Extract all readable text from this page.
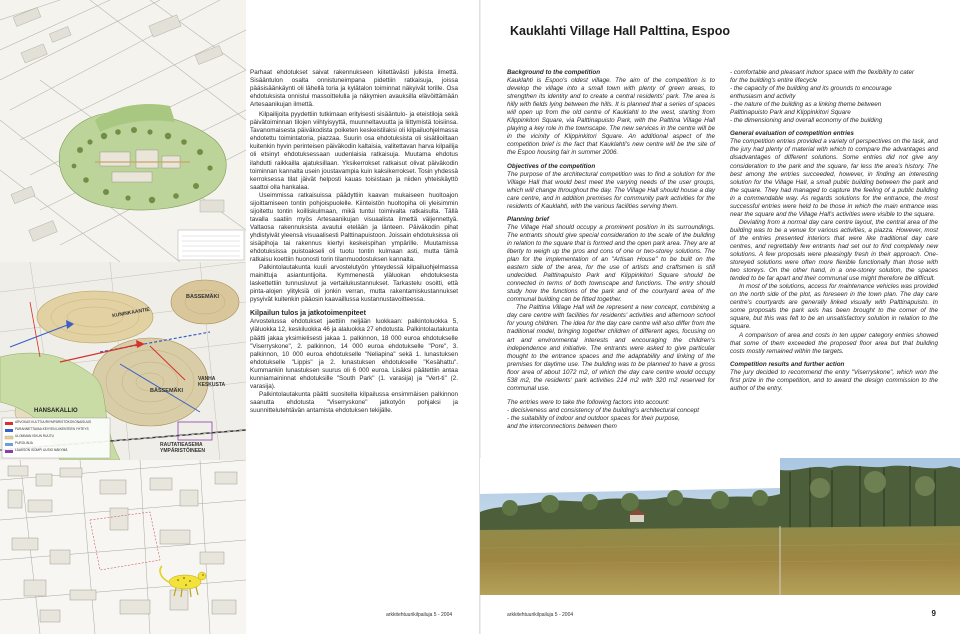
BASSEMÄKI
KUNINKAANTIE
VANHA KESKUSTA
BÄSSEMÄKI
HANSAKALLIO
RAUTATIEASEMA YMPÄRISTÖINEEN
ARVOKAS KULTTUURIYMPÄRISTÖKOKONAISUUS
PARANNETTAVAA KEVYEN LIIKENTEEN YHTEYS
ULOMMAN ISKUN RUUTU
PUROLINJA
LAAKSON ISOMPI UUSIO NÄKYMÄ

Parhaat ehdotukset saivat rakennukseen kiitettävästi julkista ilmettä. Sisääntulon osalta onnistuneimpana pidettiin ratkaisuja, joissa pääsisäänkäynti oli lähellä toria ja kylätalon toiminnat näkyivät torille. Osa ehdotuksista onnistui massoittelulla ja näkymien avauksilla elävöittämään Artesaanikujan ilmettä.

Kilpailijoita pyydettiin tutkimaan erityisesti sisääntulo- ja eteistiloja sekä päivätoiminnan tilojen viihtyisyyttä, muunneltavuutta ja liittymistä toisiinsa. Tavanomaisesta päiväkodista poiketen keskeistilaksi oli kilpailuohjelmassa ehdotettu toimintatoria, piazzaa. Suurin osa ehdotuksista oli sisätiloiltaan kuitenkin hyvin perinteisen päiväkodin kaltaisia, valitettavan harva kilpailija oli etsinyt ehdotuksessaan uudenlaisia ratkaisuja. Muutama ehdotus ilahdutti raikkailla ajatuksillaan. Yksikerrokset ratkaisut olivat päiväkodin toiminnan kannalta usein joustavampia kuin kaksikerrokset. Tosin yhdessä kerroksessa tilat jäivät helposti kauas toisistaan ja niiden yhteiskäyttö saattoi olla hankalaa.

Useimmissa ratkaisuissa päädyttiin kaavan mukaiseen huoltoajon sijoittamiseen tontin pohjoispuolelle. Kiinteistön huoltopiha oli yleisimmin sijoitettu tontin koilliskulmaan, mikä tuntui toimivalta ratkaisulta. Tällä tavalla saatiin myös Artesaanikujan visuaalista ilmettä väljennettyä. Valtaosa rakennuksista avautui etelään ja länteen. Päiväkodin pihat yhdistyivät yleensä visuaalisesti Palttinapuistoon. Joissain ehdotuksissa oli sisäpihoja tai rakennus kiertyi keskeispihan ympärille. Muutamissa ehdotuksissa puistoakseli oli tuotu tontin kulmaan asti, mutta tämä ratkaisu koettiin huonosti torin tilanmuodostuksen kannalta.

Palkintolautakunta kuuli arvostelutyön yhteydessä kilpailuohjelmassa mainittuja asiantuntijoita. Kymmenestä yläluokan ehdotuksesta laskettettiin tunnusluvut ja vertailukustannukset. Tarkastelu osoitti, että pinta-alojen ylityksiä oli jonkin verran, mutta rakentamiskustannukset pysyivät kuitenkin pääosin kaavaillussa kustannustavoitteessa.

Kilpailun tulos ja jatkotoimenpiteet

Arvostelussa ehdotukset jaettiin neljään luokkaan: palkintoluokka 5, yläluokka 12, keskiluokka 46 ja alaluokka 27 ehdotusta. Palkintolautakunta päätti jakaa yksimielisesti jakaa 1. palkinnon, 18 000 euroa ehdotukselle "Viserryskone", 2. palkinnon, 14 000 euroa ehdotukselle "Pore", 3. palkinnon, 10 000 euroa ehdotukselle "Neliapina" sekä 1. lunastuksen ehdotukselle "Lippis" ja 2. lunastuksen ehdotukselle "Kesähattu". Kummankin lunastuksen suurus oli 6 000 euroa. Lisäksi päätettiin antaa kunniamaininnat ehdotuksille "South Park" (1. varasija) ja "Vert-ti" (2. varasija).

Palkintolautakunta päätti suositella kilpailussa ensimmäisen palkinnon saanutta ehdotusta "Viserryskone" jatkotyön pohjaksi ja suunnittelutehtävän antamista ehdotuksen tekijälle.

arkkitehtuurikilpailuja 5 - 2004
Kauklahti Village Hall Palttina, Espoo

Background to the competition

Kauklahti is Espoo's oldest village. The aim of the competition is to develop the village into a small town with plenty of green areas, to strengthen its identity and to create a central residents' park. The area is hilly with fields lying between the hills. It is planned that a series of spaces will open up from the old centre of Kauklahti to the west, starting from Klippinkitori Square, via Palttinapuisto Park, with the Palttina Village Hall playing a key role in the townscape. The new services in the centre will be in the vicinity of Klippinkitori Square. An additional aspect of the competition brief is the fact that Kauklahti's new centre will be the site of the Espoo housing fair in summer 2006.

Objectives of the competition

The purpose of the architectural competition was to find a solution for the Village Hall that would best meet the varying needs of the user groups, which will change throughout the day. The Village Hall should house a day care centre, and in addition premises for community park activities for the residents of Kauklahti, with the various facilities serving them.

Planning brief

The Village Hall should occupy a prominent position in its surroundings. The entrants should give special consideration to the scale of the building in relation to the square that is formed and the open park area. They are at liberty to weigh up the pros and cons of one or two-storey solutions. The plan for the implementation of an "Artisan House" to be built on the eastern side of the area, for the use of artists and craftsmen is still undecided. Palttinapuisto Park and Klippinkitori Square should be connected in terms of both townscape and functions. The entry should study how the functions of the park and of the courtyard area of the communal building can be fitted together.

The Palttina Village Hall will be represent a new concept, combining a day care centre with facilities for residents' activities and afternoon school for young children. The idea for the day care centre will also differ from the traditional model, bringing together children of different ages, focusing on art and environmental interests and encouraging the children's independence and initiative. The entrants were asked to give particular thought to the entrance spaces and the adaptability and linking of the premises for daytime use. The building was to be planned to have a gross floor area of about 1072 m2, of which the day care centre would occupy 538 m2, the residents' park activities 214 m2 with 320 m2 reserved for communal use.

The entries were to take the following factors into account:

- decisiveness and consistency of the building's architectural concept

- the suitability of indoor and outdoor spaces for their purpose,

and the interconnections between them

- comfortable and pleasant indoor space with the flexibility to cater

for the building's entire lifecycle

- the capacity of the building and its grounds to encourage

enthusiasm and activity

- the nature of the building as a linking theme between

Palttinapuisto Park and Klippinkitori Square

- the dimensioning and overall economy of the building

General evaluation of competition entries

The competition entries provided a variety of perspectives on the task, and the jury had plenty of material with which to compare the advantages and disadvantages of different solutions. Some entries did not give any consideration to the park and the square, far less the area's history. The best among the entries succeeded, however, in finding an interesting solution for the Village Hall, a small public building between the park and the square. They had managed to capture the feeling of a public building in a commendable way. As regards solutions for the entrance, the most successful entries were held to be those in which the main entrance was near the square and the Village Hall's activities were visible to the square.

Deviating from a normal day care centre layout, the central area of the building was to be a venue for various activities, a piazza. However, most of the entries presented interiors that were like traditional day care centres, and regrettably few entrants had set out to find completely new solutions. A few proposals were pleasingly fresh in their approach. One-storeyed solutions were often more flexible functionally than those with two storeys. On the other hand, in a one-storey solution, the spaces tended to be far apart and their communal use might therefore be difficult.

In most of the solutions, access for maintenance vehicles was provided on the north side of the plot, as foreseen in the town plan. The day care centre's courtyards are generally linked visually with Palttinapuisto. In some proposals the park axis has been brought to the corner of the square, but this was felt to be an unsatisfactory solution in relation to the square.

A comparison of area and costs in ten upper category entries showed that some of them exceeded the proposed floor area but that building costs mostly remained within the targets.

Competition results and further action

The jury decided to recommend the entry "Viserryskone", which won the first prize in the competition, and to award the design commission to the author of the entry.

arkkitehtuurikilpailuja 5 - 2004	9
